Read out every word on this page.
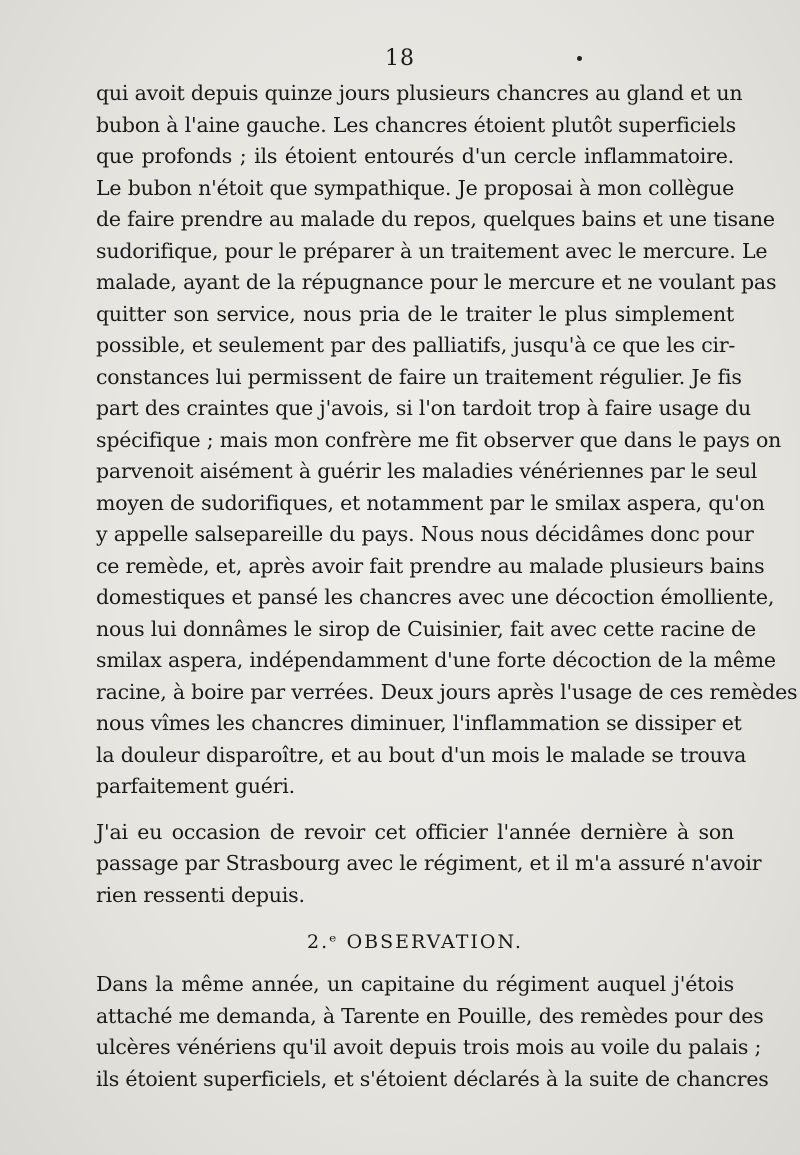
18
qui avoit depuis quinze jours plusieurs chancres au gland et un
bubon à l'aine gauche. Les chancres étoient plutôt superficiels
que profonds ; ils étoient entourés d'un cercle inflammatoire.
Le bubon n'étoit que sympathique. Je proposai à mon collègue
de faire prendre au malade du repos, quelques bains et une tisane
sudorifique, pour le préparer à un traitement avec le mercure. Le
malade, ayant de la répugnance pour le mercure et ne voulant pas
quitter son service, nous pria de le traiter le plus simplement
possible, et seulement par des palliatifs, jusqu'à ce que les cir-
constances lui permissent de faire un traitement régulier. Je fis
part des craintes que j'avois, si l'on tardoit trop à faire usage du
spécifique ; mais mon confrère me fit observer que dans le pays on
parvenoit aisément à guérir les maladies vénériennes par le seul
moyen de sudorifiques, et notamment par le smilax aspera, qu'on
y appelle salsepareille du pays. Nous nous décidâmes donc pour
ce remède, et, après avoir fait prendre au malade plusieurs bains
domestiques et pansé les chancres avec une décoction émolliente,
nous lui donnâmes le sirop de Cuisinier, fait avec cette racine de
smilax aspera, indépendamment d'une forte décoction de la même
racine, à boire par verrées. Deux jours après l'usage de ces remèdes
nous vîmes les chancres diminuer, l'inflammation se dissiper et
la douleur disparoître, et au bout d'un mois le malade se trouva
parfaitement guéri.
J'ai eu occasion de revoir cet officier l'année dernière à son
passage par Strasbourg avec le régiment, et il m'a assuré n'avoir
rien ressenti depuis.
2.ᵉ OBSERVATION.
Dans la même année, un capitaine du régiment auquel j'étois
attaché me demanda, à Tarente en Pouille, des remèdes pour des
ulcères vénériens qu'il avoit depuis trois mois au voile du palais ;
ils étoient superficiels, et s'étoient déclarés à la suite de chancres
